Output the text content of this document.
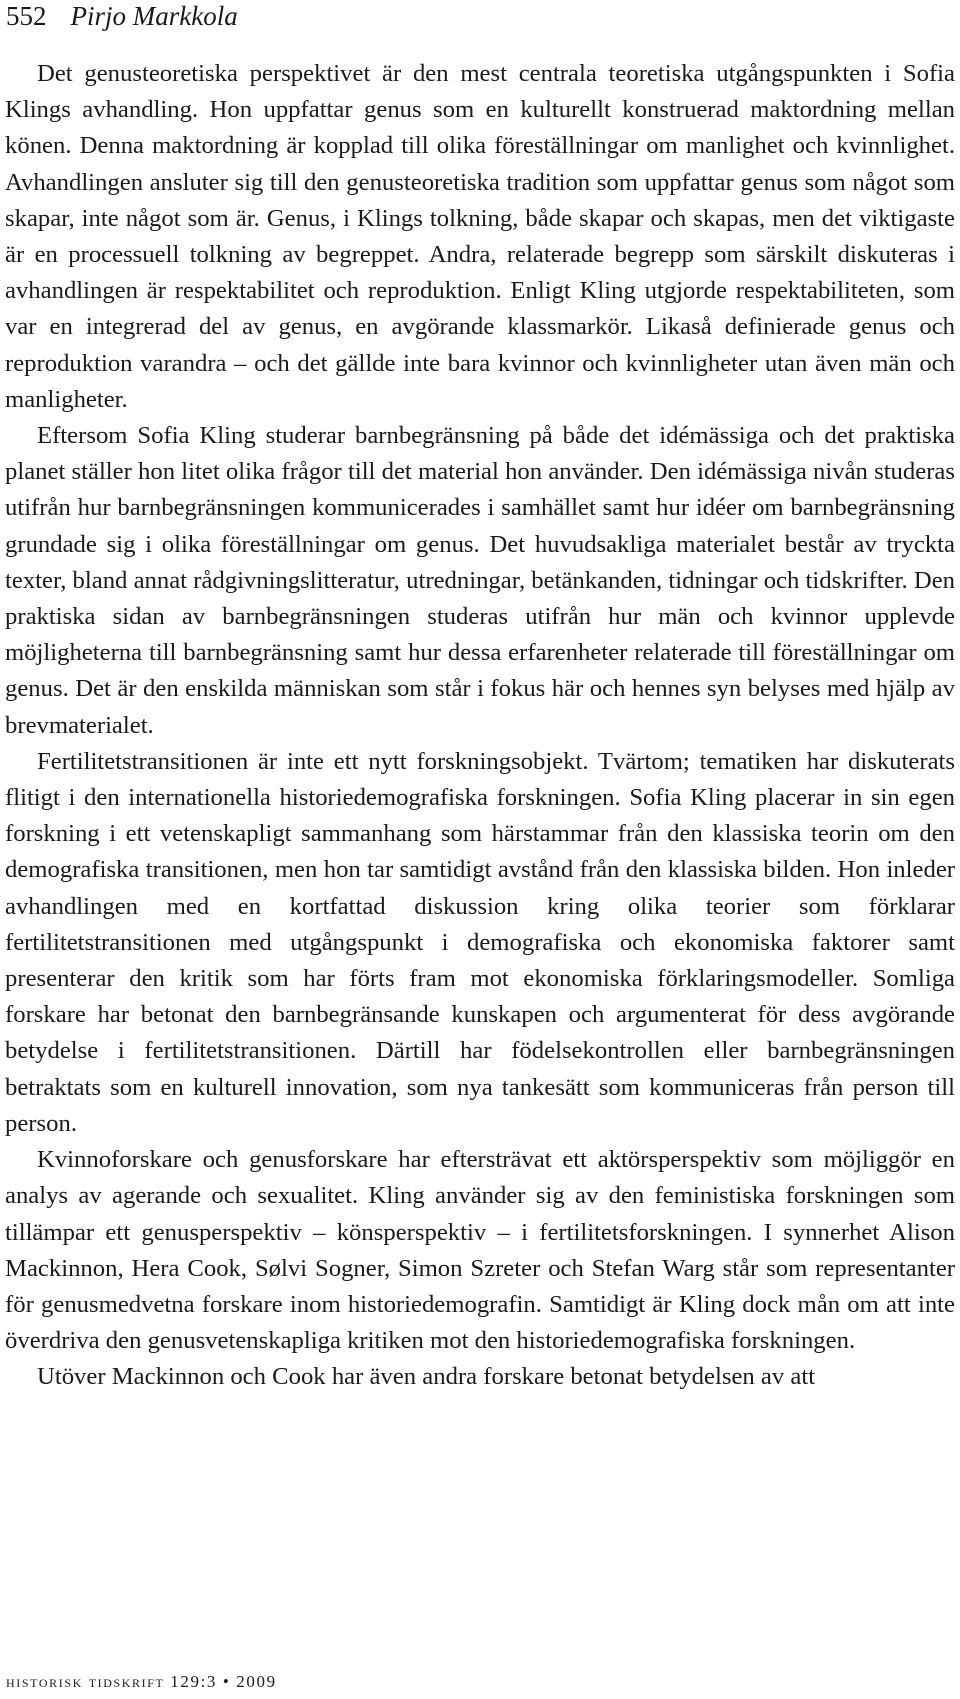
552 Pirjo Markkola

Det genusteoretiska perspektivet är den mest centrala teoretiska utgångspunkten i Sofia Klings avhandling. Hon uppfattar genus som en kulturellt konstruerad maktordning mellan könen. Denna maktordning är kopplad till olika föreställningar om manlighet och kvinnlighet. Avhandlingen ansluter sig till den genusteoretiska tradition som uppfattar genus som något som skapar, inte något som är. Genus, i Klings tolkning, både skapar och skapas, men det viktigaste är en processuell tolkning av begreppet. Andra, relaterade begrepp som särskilt diskuteras i avhandlingen är respektabilitet och reproduktion. Enligt Kling utgjorde respektabiliteten, som var en integrerad del av genus, en avgörande klassmarkör. Likaså definierade genus och reproduktion varandra – och det gällde inte bara kvinnor och kvinnligheter utan även män och manligheter.

Eftersom Sofia Kling studerar barnbegränsning på både det idémässiga och det praktiska planet ställer hon litet olika frågor till det material hon använder. Den idémässiga nivån studeras utifrån hur barnbegränsningen kommunicerades i samhället samt hur idéer om barnbegränsning grundade sig i olika föreställningar om genus. Det huvudsakliga materialet består av tryckta texter, bland annat rådgivningslitteratur, utredningar, betänkanden, tidningar och tidskrifter. Den praktiska sidan av barnbegränsningen studeras utifrån hur män och kvinnor upplevde möjligheterna till barnbegränsning samt hur dessa erfarenheter relaterade till föreställningar om genus. Det är den enskilda människan som står i fokus här och hennes syn belyses med hjälp av brevmaterialet.

Fertilitetstransitionen är inte ett nytt forskningsobjekt. Tvärtom; tematiken har diskuterats flitigt i den internationella historiedemografiska forskningen. Sofia Kling placerar in sin egen forskning i ett vetenskapligt sammanhang som härstammar från den klassiska teorin om den demografiska transitionen, men hon tar samtidigt avstånd från den klassiska bilden. Hon inleder avhandlingen med en kortfattad diskussion kring olika teorier som förklarar fertilitetstransitionen med utgångspunkt i demografiska och ekonomiska faktorer samt presenterar den kritik som har förts fram mot ekonomiska förklaringsmodeller. Somliga forskare har betonat den barnbegränsande kunskapen och argumenterat för dess avgörande betydelse i fertilitetstransitionen. Därtill har födelsekontrollen eller barnbegränsningen betraktats som en kulturell innovation, som nya tankesätt som kommuniceras från person till person.

Kvinnoforskare och genusforskare har eftersträvat ett aktörsperspektiv som möjliggör en analys av agerande och sexualitet. Kling använder sig av den feministiska forskningen som tillämpar ett genusperspektiv – könsperspektiv – i fertilitetsforskningen. I synnerhet Alison Mackinnon, Hera Cook, Sølvi Sogner, Simon Szreter och Stefan Warg står som representanter för genusmedvetna forskare inom historiedemografin. Samtidigt är Kling dock mån om att inte överdriva den genusvetenskapliga kritiken mot den historiedemografiska forskningen.

Utöver Mackinnon och Cook har även andra forskare betonat betydelsen av att

historisk tidskrift 129:3 • 2009
